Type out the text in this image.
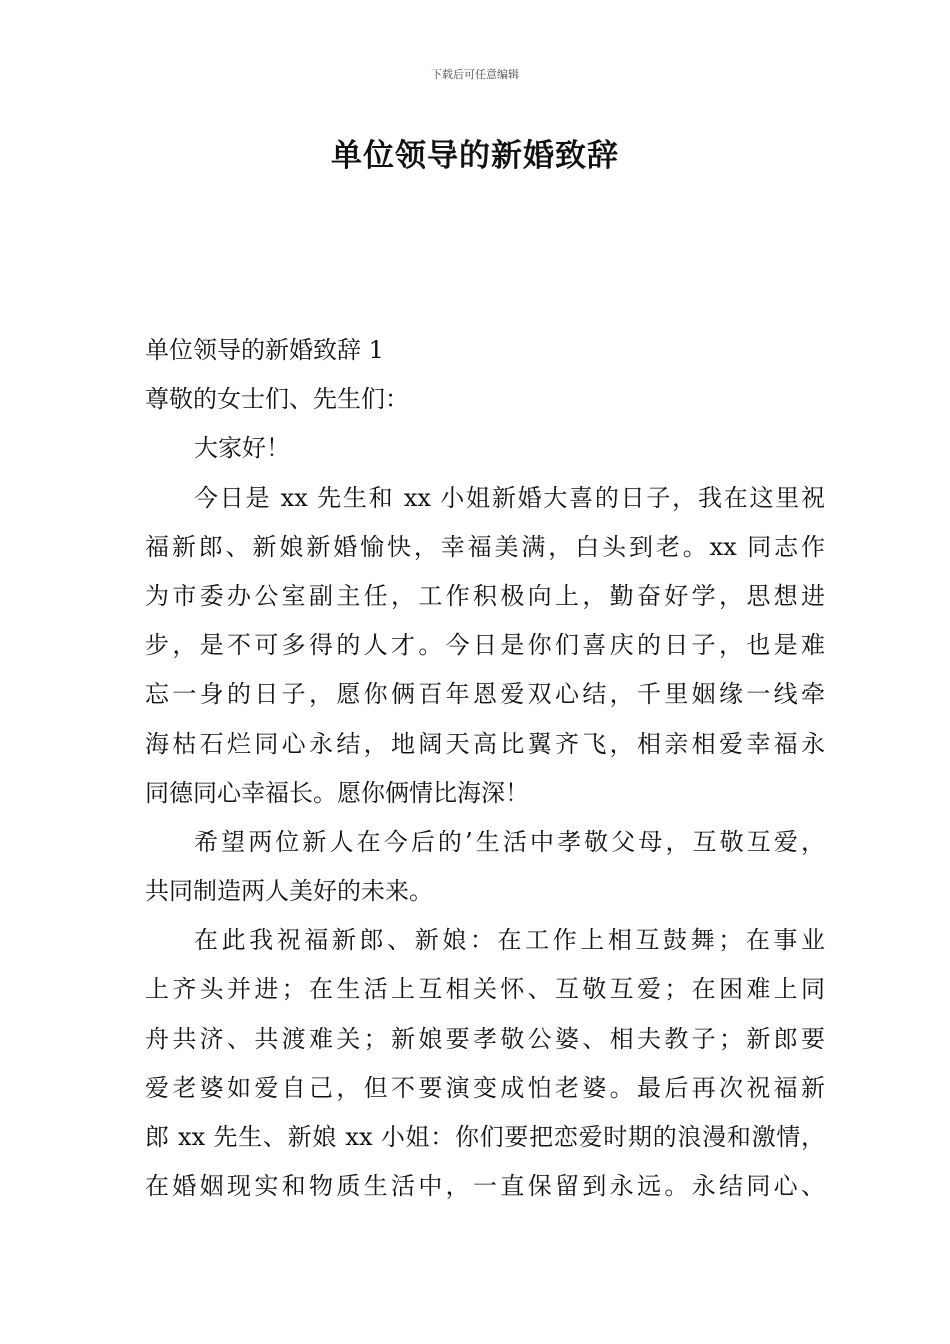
下载后可任意编辑
单位领导的新婚致辞
单位领导的新婚致辞 1
尊敬的女士们、先生们：
大家好！
今日是 xx 先生和 xx 小姐新婚大喜的日子，我在这里祝
福新郎、新娘新婚愉快，幸福美满，白头到老。xx 同志作
为市委办公室副主任，工作积极向上，勤奋好学，思想进
步，是不可多得的人才。今日是你们喜庆的日子，也是难
忘一身的日子，愿你俩百年恩爱双心结，千里姻缘一线牵
海枯石烂同心永结，地阔天高比翼齐飞，相亲相爱幸福永
同德同心幸福长。愿你俩情比海深！
希望两位新人在今后的’生活中孝敬父母，互敬互爱，
共同制造两人美好的未来。
在此我祝福新郎、新娘：在工作上相互鼓舞；在事业
上齐头并进；在生活上互相关怀、互敬互爱；在困难上同
舟共济、共渡难关；新娘要孝敬公婆、相夫教子；新郎要
爱老婆如爱自己，但不要演变成怕老婆。最后再次祝福新
郎 xx 先生、新娘 xx 小姐：你们要把恋爱时期的浪漫和激情，
在婚姻现实和物质生活中，一直保留到永远。永结同心、
